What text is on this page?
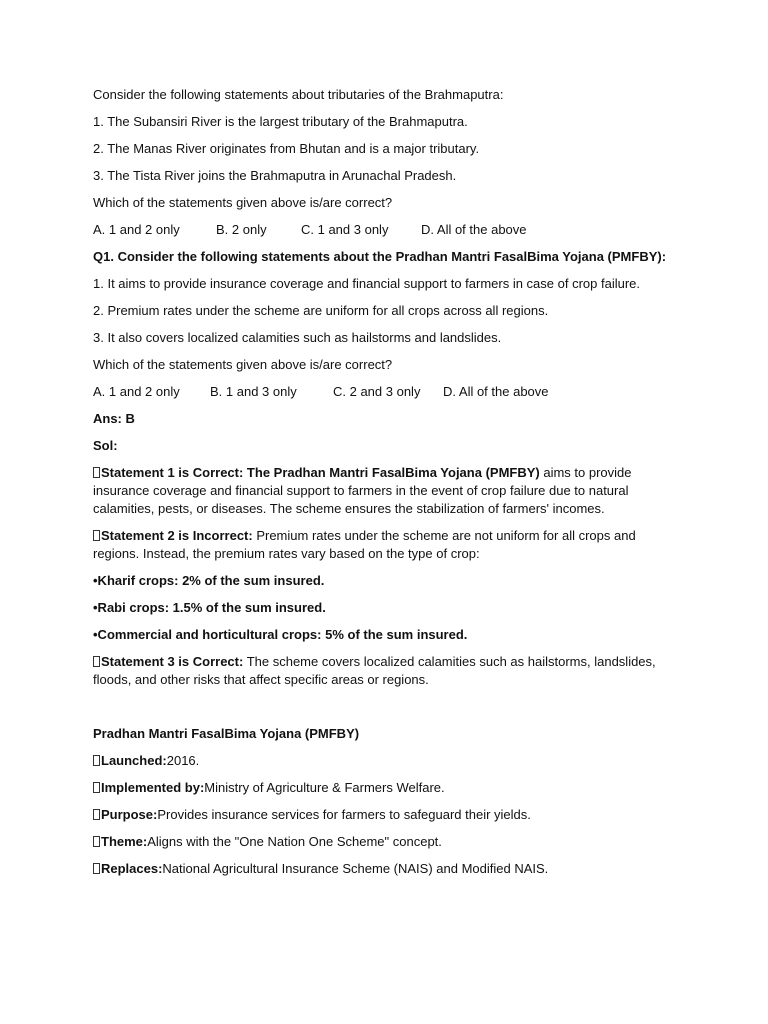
Consider the following statements about tributaries of the Brahmaputra:

1. The Subansiri River is the largest tributary of the Brahmaputra.

2. The Manas River originates from Bhutan and is a major tributary.

3. The Tista River joins the Brahmaputra in Arunachal Pradesh.

Which of the statements given above is/are correct?

A. 1 and 2 only	B. 2 only	C. 1 and 3 only	D. All of the above

Q1. Consider the following statements about the Pradhan Mantri FasalBima Yojana (PMFBY):

1. It aims to provide insurance coverage and financial support to farmers in case of crop failure.

2. Premium rates under the scheme are uniform for all crops across all regions.

3. It also covers localized calamities such as hailstorms and landslides.

Which of the statements given above is/are correct?

A. 1 and 2 only	B. 1 and 3 only	C. 2 and 3 only	D. All of the above

Ans: B

Sol:

Statement 1 is Correct: The Pradhan Mantri FasalBima Yojana (PMFBY) aims to provide insurance coverage and financial support to farmers in the event of crop failure due to natural calamities, pests, or diseases. The scheme ensures the stabilization of farmers' incomes.

Statement 2 is Incorrect: Premium rates under the scheme are not uniform for all crops and regions. Instead, the premium rates vary based on the type of crop:

•Kharif crops: 2% of the sum insured.

•Rabi crops: 1.5% of the sum insured.

•Commercial and horticultural crops: 5% of the sum insured.

Statement 3 is Correct: The scheme covers localized calamities such as hailstorms, landslides, floods, and other risks that affect specific areas or regions.

Pradhan Mantri FasalBima Yojana (PMFBY)

Launched:2016.

Implemented by:Ministry of Agriculture & Farmers Welfare.

Purpose:Provides insurance services for farmers to safeguard their yields.

Theme:Aligns with the "One Nation One Scheme" concept.

Replaces:National Agricultural Insurance Scheme (NAIS) and Modified NAIS.
